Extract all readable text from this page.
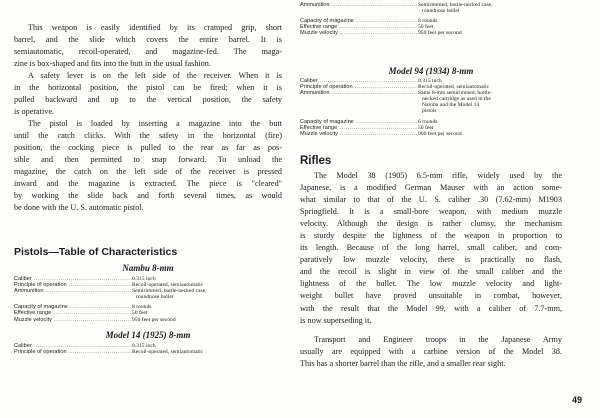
This weapon is easily identified by its cramped grip, short
barrel, and the slide which covers the entire barrel. It is
semiautomatic, recoil-operated, and magazine-fed. The maga-
zine is box-shaped and fits into the butt in the usual fashion.
A safety lever is on the left side of the receiver. When it is
in the horizontal position, the pistol can be fired; when it is
pulled backward and up to the vertical position, the safety
is operative.
The pistol is loaded by inserting a magazine into the butt
until the catch clicks. With the safety in the horizontal (fire)
position, the cocking piece is pulled to the rear as far as pos-
sible and then permitted to snap forward. To unload the
magazine, the catch on the left side of the receiver is pressed
inward and the magazine is extracted. The piece is "cleared"
by working the slide back and forth several times, as would
be done with the U. S. automatic pistol.
Pistols—Table of Characteristics
Nambu 8-mm
Caliber .....	0.315 inch
Principle of operation .....	Recoil-operated, semiautomatic
Ammunition .....	Semirimmed, bottle-necked case,
roundnose bullet
Capacity of magazine .....	8 rounds
Effective range .....	50 feet
Muzzle velocity .....	950 feet per second
Model 14 (1925) 8-mm
Caliber .....	0.315 inch
Principle of operation .....	Recoil-operated, semiautomatic
Ammunition .....	Semirimmed, bottle-necked case,
roundnose bullet
Capacity of magazine .....	8 rounds
Effective range .....	50 feet
Muzzle velocity .....	950 feet per second
Model 94 (1934) 8-mm
Caliber .....	0.315 inch
Principle of operation .....	Recoil-operated, semiautomatic
Ammunition .....	Same 8-mm semirimmed, bottle-
necked cartridge as used in the
Nambu and the Model 14
pistols
Capacity of magazine .....	6 rounds
Effective range .....	50 feet
Muzzle velocity .....	900 feet per second
Rifles
The Model 38 (1905) 6.5-mm rifle, widely used by the
Japanese, is a modified German Mauser with an action some-
what similar to that of the U. S. caliber .30 (7.62-mm) M1903
Springfield. It is a small-bore weapon, with medium muzzle
velocity. Although the design is rather clumsy, the mechanism
is sturdy despite the lightness of the weapon in proportion to
its length. Because of the long barrel, small caliber, and com-
paratively low muzzle velocity, there is practically no flash,
and the recoil is slight in view of the small caliber and the
lightness of the bullet. The low muzzle velocity and light-
weight bullet have proved unsuitable in combat, however,
with the result that the Model 99, with a caliber of 7.7-mm,
is now superseding it.
Transport and Engineer troops in the Japanese Army
usually are equipped with a carbine version of the Model 38.
This has a shorter barrel than the rifle, and a smaller rear sight.
49
